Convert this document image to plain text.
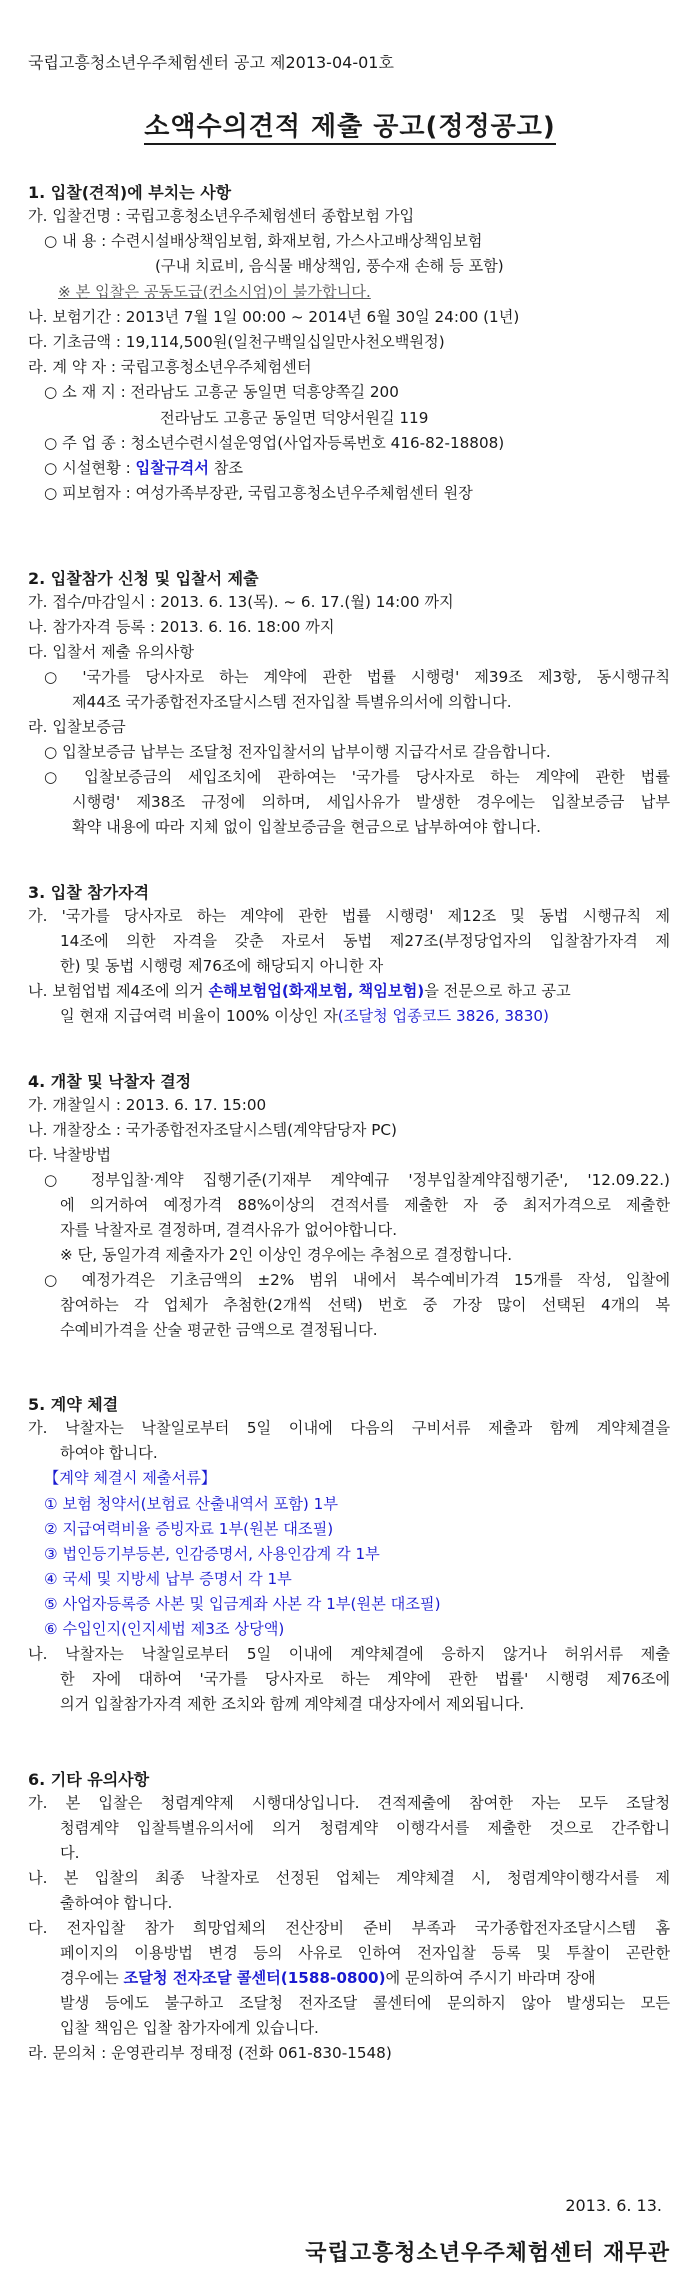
국립고흥청소년우주체험센터 공고 제2013-04-01호
소액수의견적 제출 공고(정정공고)
1. 입찰(견적)에 부치는 사항
가. 입찰건명 : 국립고흥청소년우주체험센터 종합보험 가입
○ 내 용 : 수련시설배상책임보험, 화재보험, 가스사고배상책임보험
(구내 치료비, 음식물 배상책임, 풍수재 손해 등 포함)
※ 본 입찰은 공동도급(컨소시엄)이 불가합니다.
나. 보험기간 : 2013년 7월 1일 00:00 ~ 2014년 6월 30일 24:00 (1년)
다. 기초금액 : 19,114,500원(일천구백일십일만사천오백원정)
라. 계 약 자 : 국립고흥청소년우주체험센터
○ 소 재 지 : 전라남도 고흥군 동일면 덕흥양쪽길 200
전라남도 고흥군 동일면 덕양서원길 119
○ 주 업 종 : 청소년수련시설운영업(사업자등록번호 416-82-18808)
○ 시설현황 : 입찰규격서 참조
○ 피보험자 : 여성가족부장관, 국립고흥청소년우주체험센터 원장
2. 입찰참가 신청 및 입찰서 제출
가. 접수/마감일시 : 2013. 6. 13(목). ~ 6. 17.(월) 14:00 까지
나. 참가자격 등록 : 2013. 6. 16. 18:00 까지
다. 입찰서 제출 유의사항
○ '국가를 당사자로 하는 계약에 관한 법률 시행령' 제39조 제3항, 동시행규칙
제44조 국가종합전자조달시스템 전자입찰 특별유의서에 의합니다.
라. 입찰보증금
○ 입찰보증금 납부는 조달청 전자입찰서의 납부이행 지급각서로 갈음합니다.
○ 입찰보증금의 세입조치에 관하여는 '국가를 당사자로 하는 계약에 관한 법률
시행령' 제38조 규정에 의하며, 세입사유가 발생한 경우에는 입찰보증금 납부
확약 내용에 따라 지체 없이 입찰보증금을 현금으로 납부하여야 합니다.
3. 입찰 참가자격
가. '국가를 당사자로 하는 계약에 관한 법률 시행령' 제12조 및 동법 시행규칙 제
14조에 의한 자격을 갖춘 자로서 동법 제27조(부정당업자의 입찰참가자격 제
한) 및 동법 시행령 제76조에 해당되지 아니한 자
나. 보험업법 제4조에 의거 손해보험업(화재보험, 책임보험)을 전문으로 하고 공고
일 현재 지급여력 비율이 100% 이상인 자(조달청 업종코드 3826, 3830)
4. 개찰 및 낙찰자 결정
가. 개찰일시 : 2013. 6. 17. 15:00
나. 개찰장소 : 국가종합전자조달시스템(계약담당자 PC)
다. 낙찰방법
○ 정부입찰·계약 집행기준(기재부 계약예규 '정부입찰계약집행기준', '12.09.22.)
에 의거하여 예정가격 88%이상의 견적서를 제출한 자 중 최저가격으로 제출한
자를 낙찰자로 결정하며, 결격사유가 없어야합니다.
※ 단, 동일가격 제출자가 2인 이상인 경우에는 추첨으로 결정합니다.
○ 예정가격은 기초금액의 ±2% 범위 내에서 복수예비가격 15개를 작성, 입찰에
참여하는 각 업체가 추첨한(2개씩 선택) 번호 중 가장 많이 선택된 4개의 복
수예비가격을 산술 평균한 금액으로 결정됩니다.
5. 계약 체결
가. 낙찰자는 낙찰일로부터 5일 이내에 다음의 구비서류 제출과 함께 계약체결을
하여야 합니다.
【계약 체결시 제출서류】
① 보험 청약서(보험료 산출내역서 포함) 1부
② 지급여력비율 증빙자료 1부(원본 대조필)
③ 법인등기부등본, 인감증명서, 사용인감계 각 1부
④ 국세 및 지방세 납부 증명서 각 1부
⑤ 사업자등록증 사본 및 입금계좌 사본 각 1부(원본 대조필)
⑥ 수입인지(인지세법 제3조 상당액)
나. 낙찰자는 낙찰일로부터 5일 이내에 계약체결에 응하지 않거나 허위서류 제출
한 자에 대하여 '국가를 당사자로 하는 계약에 관한 법률' 시행령 제76조에
의거 입찰참가자격 제한 조치와 함께 계약체결 대상자에서 제외됩니다.
6. 기타 유의사항
가. 본 입찰은 청렴계약제 시행대상입니다. 견적제출에 참여한 자는 모두 조달청
청렴계약 입찰특별유의서에 의거 청렴계약 이행각서를 제출한 것으로 간주합니
다.
나. 본 입찰의 최종 낙찰자로 선정된 업체는 계약체결 시, 청렴계약이행각서를 제
출하여야 합니다.
다. 전자입찰 참가 희망업체의 전산장비 준비 부족과 국가종합전자조달시스템 홈
페이지의 이용방법 변경 등의 사유로 인하여 전자입찰 등록 및 투찰이 곤란한
경우에는 조달청 전자조달 콜센터(1588-0800)에 문의하여 주시기 바라며 장애
발생 등에도 불구하고 조달청 전자조달 콜센터에 문의하지 않아 발생되는 모든
입찰 책임은 입찰 참가자에게 있습니다.
라. 문의처 : 운영관리부 정태정 (전화 061-830-1548)
2013. 6. 13.
국립고흥청소년우주체험센터 재무관
